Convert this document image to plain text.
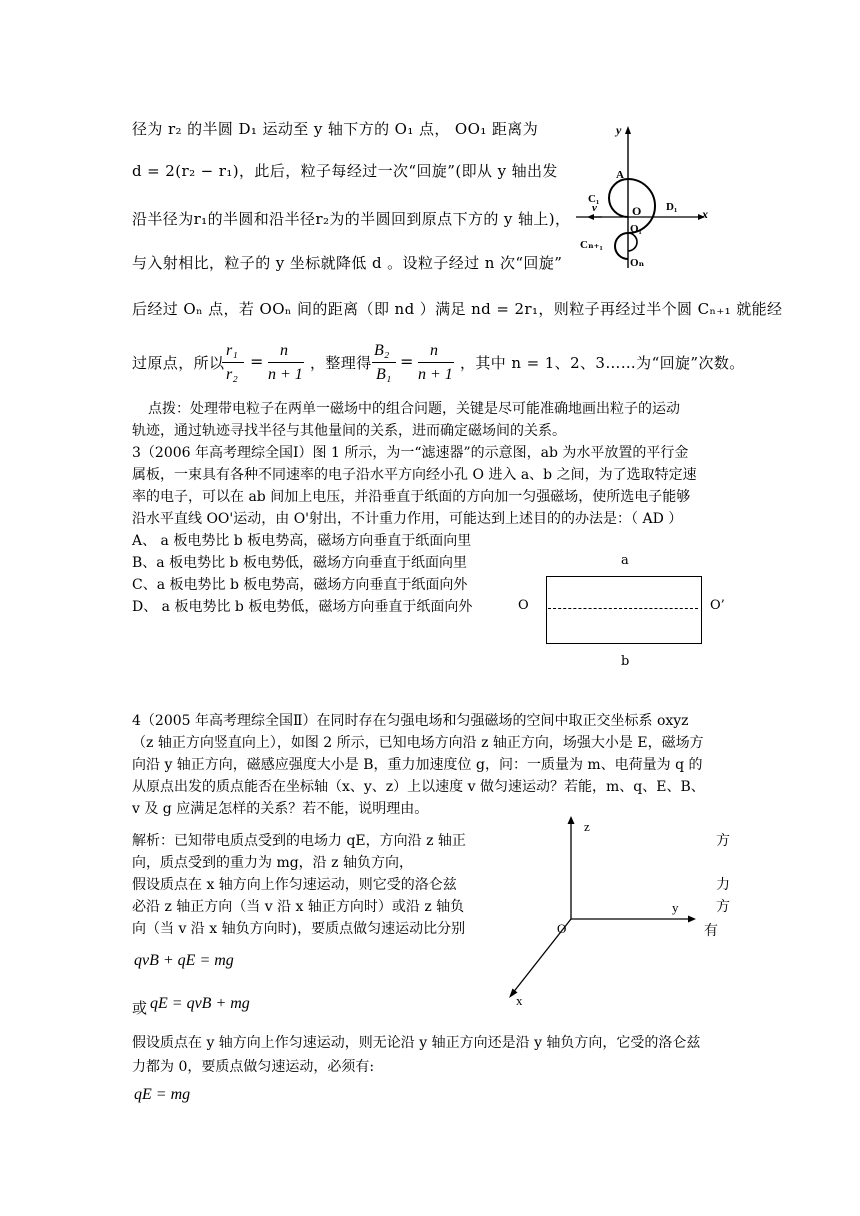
径为 r₂ 的半圆 D₁ 运动至 y 轴下方的 O₁ 点， OO₁ 距离为
d = 2(r₂ − r₁)，此后，粒子每经过一次“回旋”(即从 y 轴出发
沿半径为r₁的半圆和沿半径r₂为的半圆回到原点下方的 y 轴上)，
与入射相比，粒子的 y 坐标就降低 d 。设粒子经过 n 次“回旋”
后经过 Oₙ 点，若 OOₙ 间的距离（即 nd ）满足 nd = 2r₁，则粒子再经过半个圆 Cₙ₊₁ 就能经
过原点，所以
r₁
r₂
=
n
n + 1
，整理得
B₂
B₁
=
n
n + 1
，其中 n = 1、2、3……为“回旋”次数。
y
A
C₁
D₁
v	O	x
O₁
Cₙ₊₁
Oₙ
点拨：处理带电粒子在两单一磁场中的组合问题，关键是尽可能准确地画出粒子的运动
轨迹，通过轨迹寻找半径与其他量间的关系，进而确定磁场间的关系。
3（2006 年高考理综全国Ⅰ）图 1 所示，为一“滤速器”的示意图，ab 为水平放置的平行金
属板，一束具有各种不同速率的电子沿水平方向经小孔 O 进入 a、b 之间，为了选取特定速
率的电子，可以在 ab 间加上电压，并沿垂直于纸面的方向加一匀强磁场，使所选电子能够
沿水平直线 OO'运动，由 O'射出，不计重力作用，可能达到上述目的的办法是：（ AD ）
A、 a 板电势比 b 板电势高，磁场方向垂直于纸面向里
B、a 板电势比 b 板电势低，磁场方向垂直于纸面向里
C、a 板电势比 b 板电势高，磁场方向垂直于纸面向外
D、 a 板电势比 b 板电势低，磁场方向垂直于纸面向外
a
b
O	O’
4（2005 年高考理综全国Ⅱ）在同时存在匀强电场和匀强磁场的空间中取正交坐标系 oxyz
（z 轴正方向竖直向上），如图 2 所示，已知电场方向沿 z 轴正方向，场强大小是 E，磁场方
向沿 y 轴正方向，磁感应强度大小是 B，重力加速度位 g，问：一质量为 m、电荷量为 q 的
从原点出发的质点能否在坐标轴（x、y、z）上以速度 v 做匀速运动？若能，m、q、E、B、
v 及 g 应满足怎样的关系？若不能，说明理由。
解析：已知带电质点受到的电场力 qE，方向沿 z 轴正	方
向，质点受到的重力为 mg，沿 z 轴负方向，
假设质点在 x 轴方向上作匀速运动，则它受的洛仑兹	力
必沿 z 轴正方向（当 v 沿 x 轴正方向时）或沿 z 轴负	方
向（当 v 沿 x 轴负方向时)，要质点做匀速运动比分别	有
qvB + qE = mg
或 qE = qvB + mg
假设质点在 y 轴方向上作匀速运动，则无论沿 y 轴正方向还是沿 y 轴负方向，它受的洛仑兹
力都为 0，要质点做匀速运动，必须有:
qE = mg
z
y
O
x
